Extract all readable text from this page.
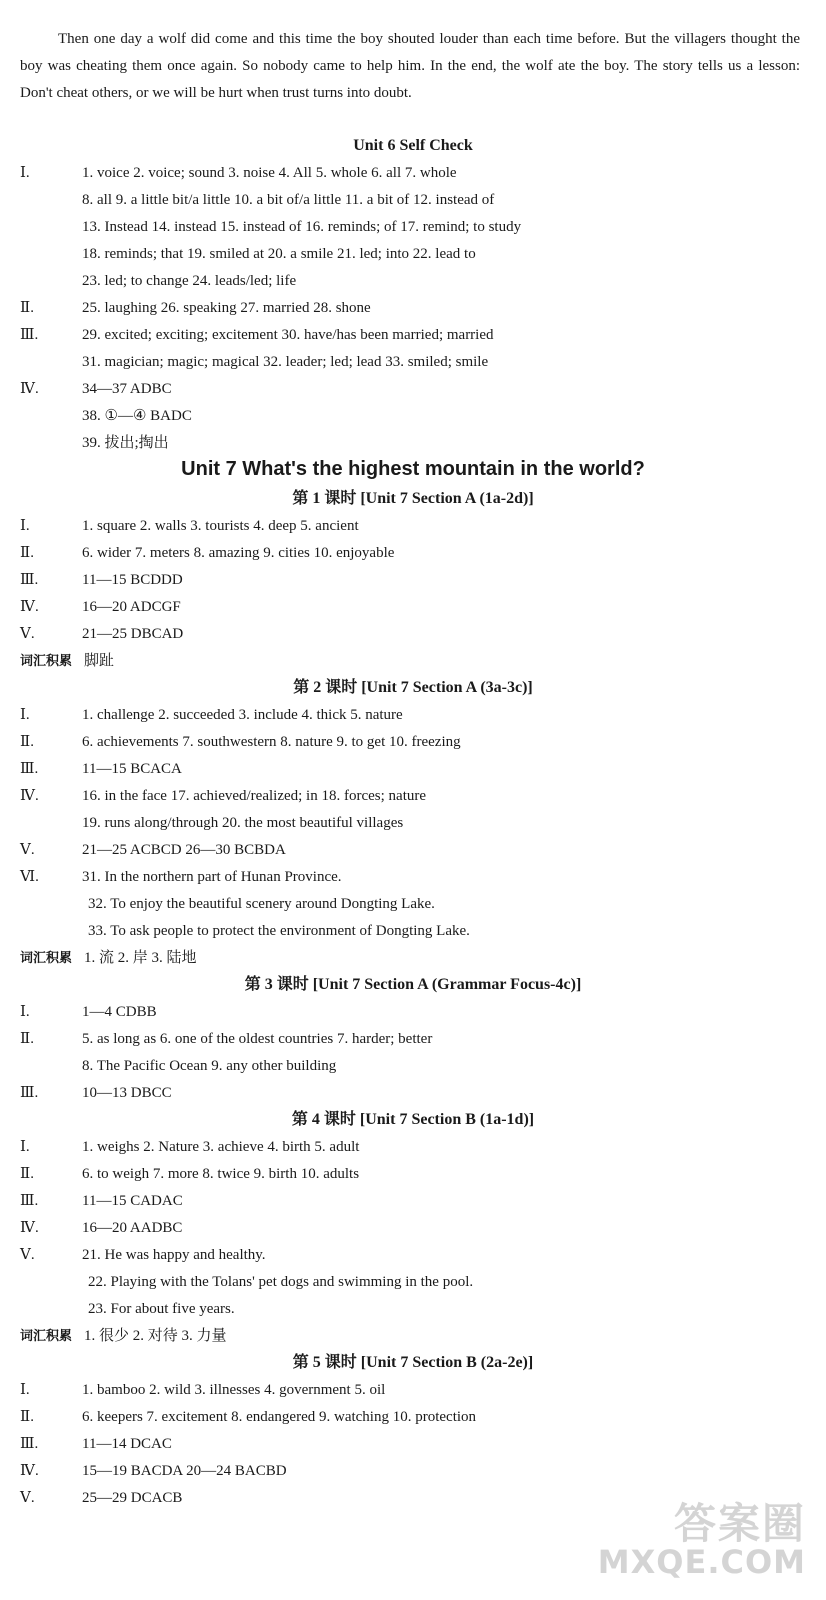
Then one day a wolf did come and this time the boy shouted louder than each time before. But the villagers thought the boy was cheating them once again. So nobody came to help him. In the end, the wolf ate the boy. The story tells us a lesson: Don't cheat others, or we will be hurt when trust turns into doubt.

Unit 6 Self Check
Ⅰ.	1. voice 2. voice; sound 3. noise 4. All 5. whole 6. all 7. whole
8. all 9. a little bit/a little 10. a bit of/a little 11. a bit of 12. instead of
13. Instead 14. instead 15. instead of 16. reminds; of 17. remind; to study
18. reminds; that 19. smiled at 20. a smile 21. led; into 22. lead to
23. led; to change 24. leads/led; life
Ⅱ.	25. laughing 26. speaking 27. married 28. shone
Ⅲ.	29. excited; exciting; excitement 30. have/has been married; married
31. magician; magic; magical 32. leader; led; lead 33. smiled; smile
Ⅳ.	34—37 ADBC
38. ①—④ BADC
39. 拔出;掏出
Unit 7 What's the highest mountain in the world?
第 1 课时 [Unit 7 Section A (1a-2d)]
Ⅰ.	1. square 2. walls 3. tourists 4. deep 5. ancient
Ⅱ.	6. wider 7. meters 8. amazing 9. cities 10. enjoyable
Ⅲ.	11—15 BCDDD
Ⅳ.	16—20 ADCGF
Ⅴ.	21—25 DBCAD
词汇积累 脚趾
第 2 课时 [Unit 7 Section A (3a-3c)]
Ⅰ.	1. challenge 2. succeeded 3. include 4. thick 5. nature
Ⅱ.	6. achievements 7. southwestern 8. nature 9. to get 10. freezing
Ⅲ.	11—15 BCACA
Ⅳ.	16. in the face 17. achieved/realized; in 18. forces; nature
19. runs along/through 20. the most beautiful villages
Ⅴ.	21—25 ACBCD 26—30 BCBDA
Ⅵ.	31. In the northern part of Hunan Province.
32. To enjoy the beautiful scenery around Dongting Lake.
33. To ask people to protect the environment of Dongting Lake.
词汇积累 1. 流 2. 岸 3. 陆地
第 3 课时 [Unit 7 Section A (Grammar Focus-4c)]
Ⅰ.	1—4 CDBB
Ⅱ.	5. as long as 6. one of the oldest countries 7. harder; better
8. The Pacific Ocean 9. any other building
Ⅲ.	10—13 DBCC
第 4 课时 [Unit 7 Section B (1a-1d)]
Ⅰ.	1. weighs 2. Nature 3. achieve 4. birth 5. adult
Ⅱ.	6. to weigh 7. more 8. twice 9. birth 10. adults
Ⅲ.	11—15 CADAC
Ⅳ.	16—20 AADBC
Ⅴ.	21. He was happy and healthy.
22. Playing with the Tolans' pet dogs and swimming in the pool.
23. For about five years.
词汇积累 1. 很少 2. 对待 3. 力量
第 5 课时 [Unit 7 Section B (2a-2e)]
Ⅰ.	1. bamboo 2. wild 3. illnesses 4. government 5. oil
Ⅱ.	6. keepers 7. excitement 8. endangered 9. watching 10. protection
Ⅲ.	11—14 DCAC
Ⅳ.	15—19 BACDA 20—24 BACBD
Ⅴ.	25—29 DCACB
答案圈
MXQE.COM
